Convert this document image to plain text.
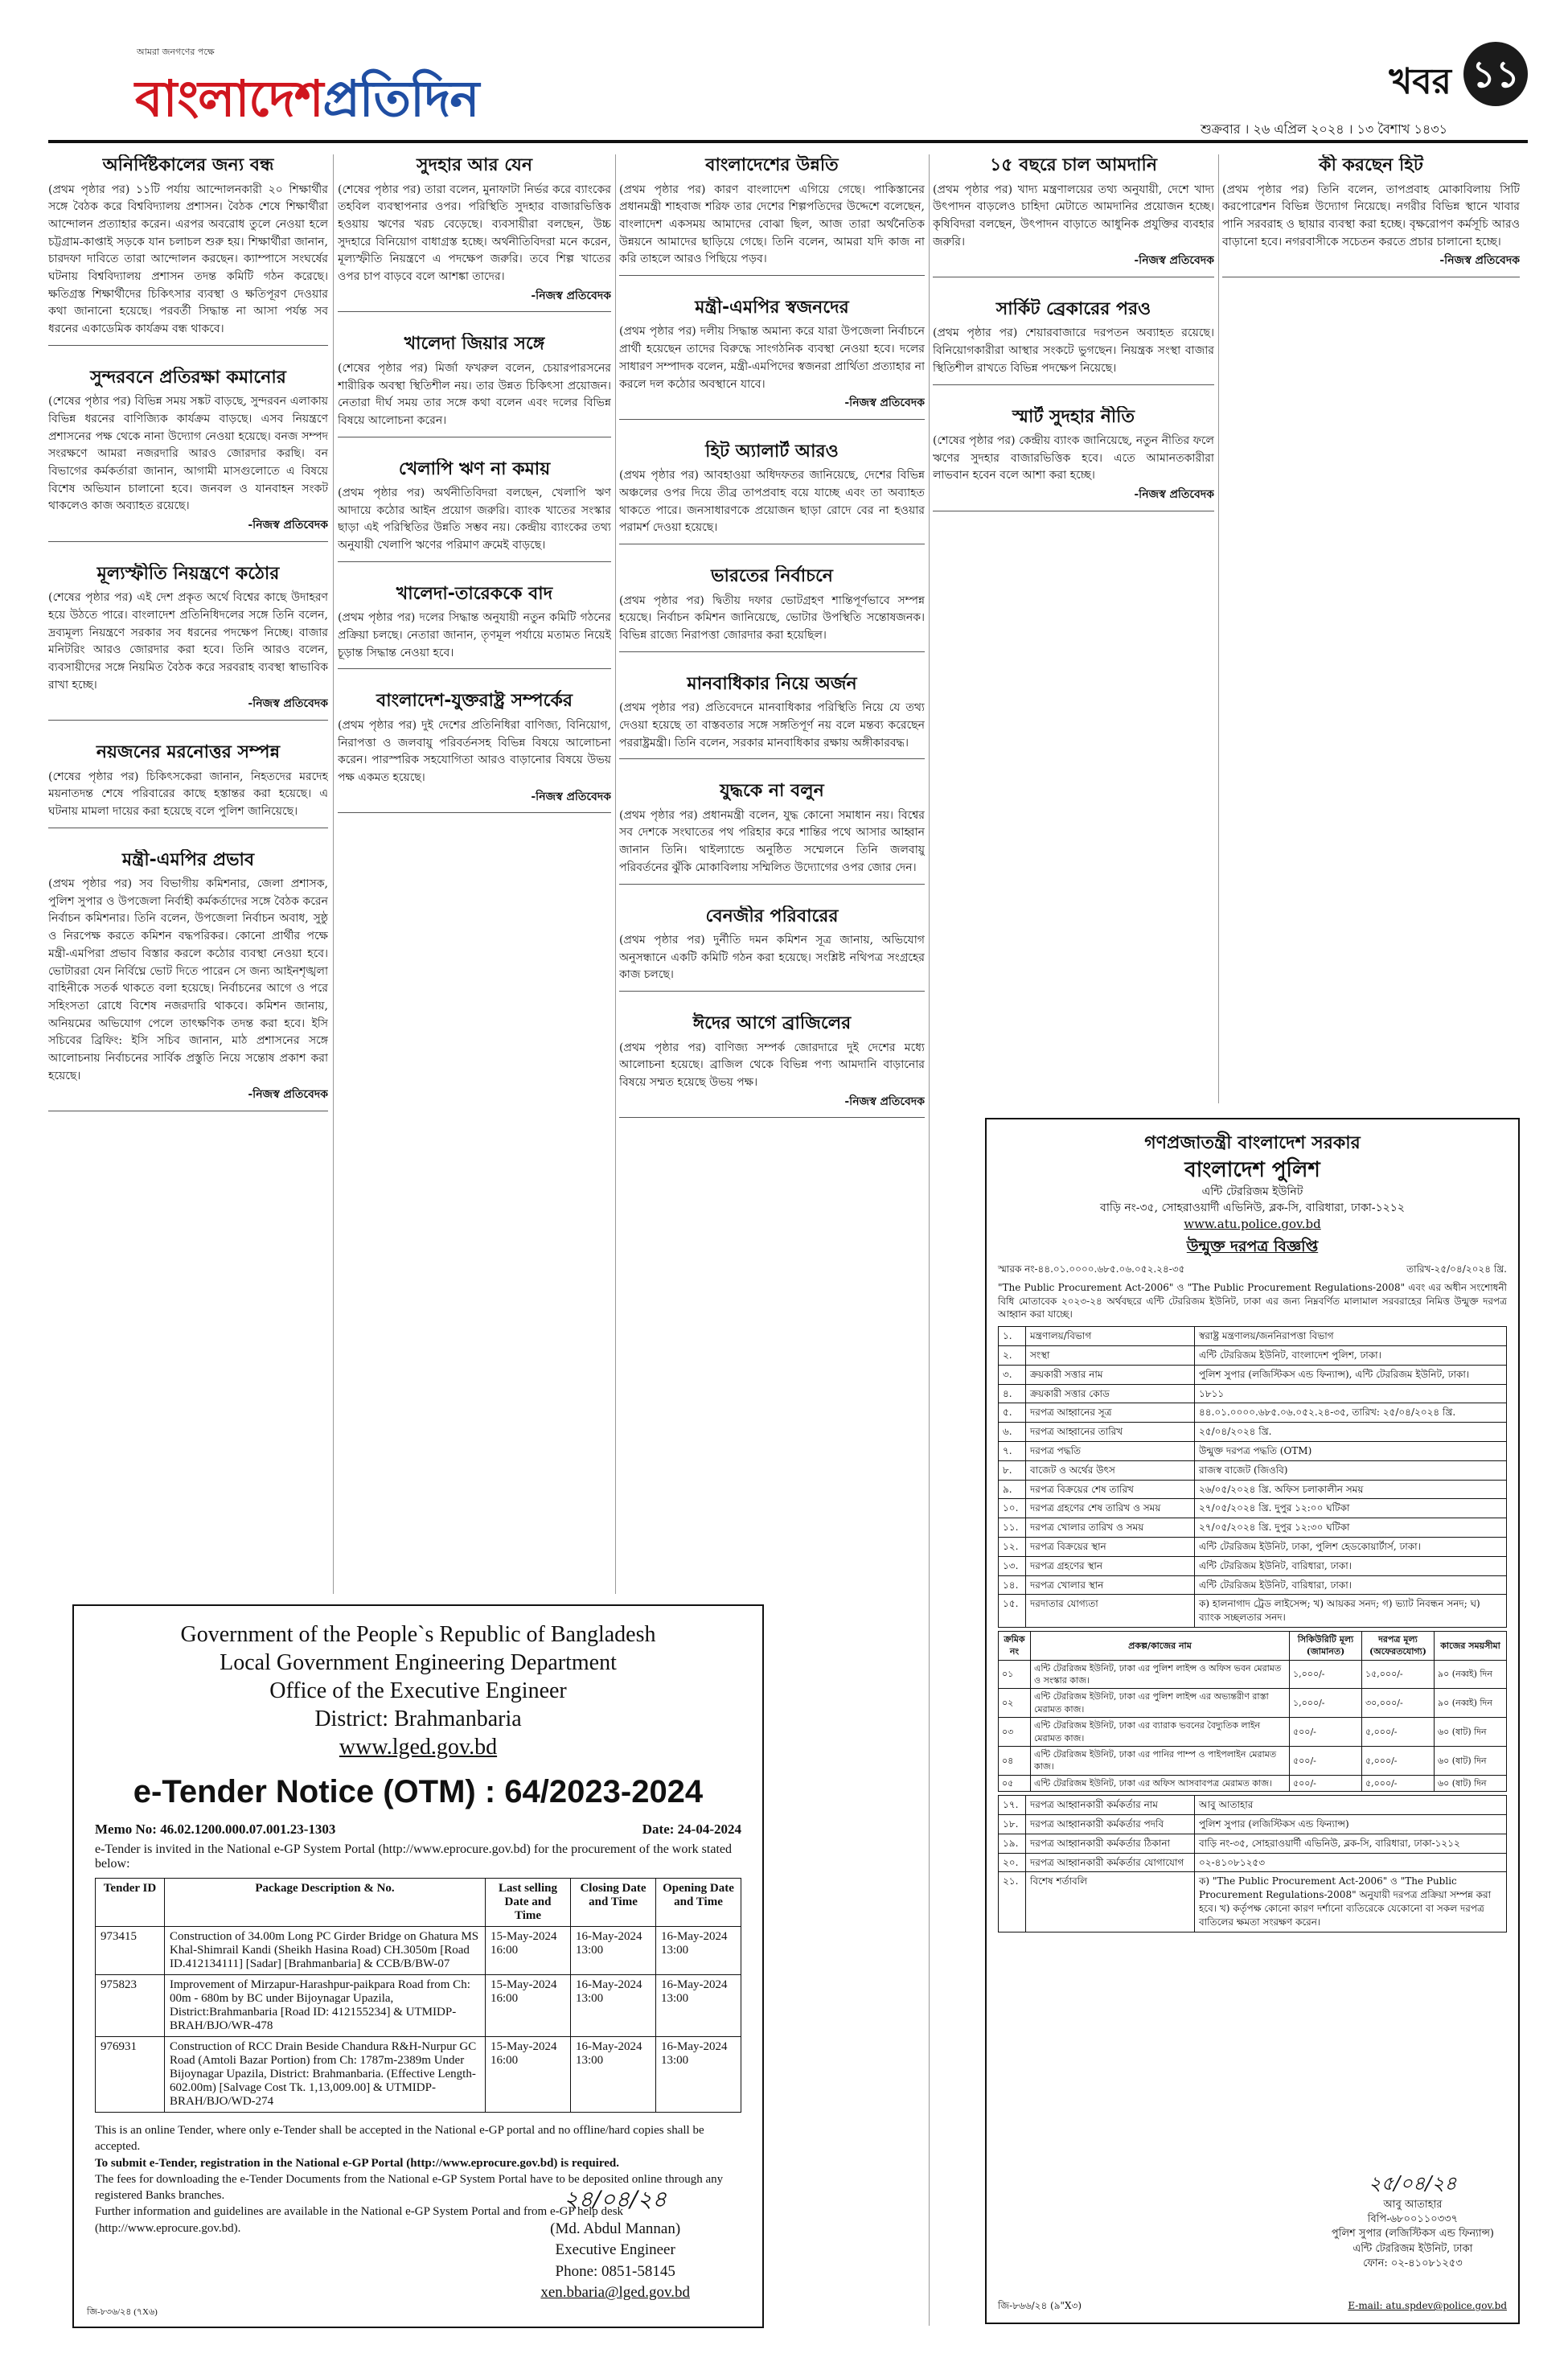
আমরা জনগণের পক্ষে
বাংলাদেশপ্রতিদিন	খবর ১১
শুক্রবার । ২৬ এপ্রিল ২০২৪ । ১৩ বৈশাখ ১৪৩১
অনির্দিষ্টকালের জন্য বন্ধ
(প্রথম পৃষ্ঠার পর) ১১টি পর্যায় আন্দোলনকারী ২০ শিক্ষার্থীর সঙ্গে বৈঠক করে বিশ্ববিদ্যালয় প্রশাসন। বৈঠক শেষে শিক্ষার্থীরা আন্দোলন প্রত্যাহার করেন। এরপর অবরোধ তুলে নেওয়া হলে চট্টগ্রাম-কাপ্তাই সড়কে যান চলাচল শুরু হয়। শিক্ষার্থীরা জানান, চারদফা দাবিতে তারা আন্দোলন করছেন। ক্যাম্পাসে সংঘর্ষের ঘটনায় বিশ্ববিদ্যালয় প্রশাসন তদন্ত কমিটি গঠন করেছে। ক্ষতিগ্রস্ত শিক্ষার্থীদের চিকিৎসার ব্যবস্থা ও ক্ষতিপূরণ দেওয়ার কথা জানানো হয়েছে। পরবর্তী সিদ্ধান্ত না আসা পর্যন্ত সব ধরনের একাডেমিক কার্যক্রম বন্ধ থাকবে।
সুন্দরবনে প্রতিরক্ষা কমানোর
(শেষের পৃষ্ঠার পর) বিভিন্ন সময় সঙ্কট বাড়ছে, সুন্দরবন এলাকায় বিভিন্ন ধরনের বাণিজ্যিক কার্যক্রম বাড়ছে। এসব নিয়ন্ত্রণে প্রশাসনের পক্ষ থেকে নানা উদ্যোগ নেওয়া হয়েছে। বনজ সম্পদ সংরক্ষণে আমরা নজরদারি আরও জোরদার করছি। বন বিভাগের কর্মকর্তারা জানান, আগামী মাসগুলোতে এ বিষয়ে বিশেষ অভিযান চালানো হবে। জনবল ও যানবাহন সংকট থাকলেও কাজ অব্যাহত রয়েছে।
-নিজস্ব প্রতিবেদক
মূল্যস্ফীতি নিয়ন্ত্রণে কঠোর
(শেষের পৃষ্ঠার পর) এই দেশ প্রকৃত অর্থে বিশ্বের কাছে উদাহরণ হয়ে উঠতে পারে। বাংলাদেশ প্রতিনিধিদলের সঙ্গে তিনি বলেন, দ্রব্যমূল্য নিয়ন্ত্রণে সরকার সব ধরনের পদক্ষেপ নিচ্ছে। বাজার মনিটরিং আরও জোরদার করা হবে। তিনি আরও বলেন, ব্যবসায়ীদের সঙ্গে নিয়মিত বৈঠক করে সরবরাহ ব্যবস্থা স্বাভাবিক রাখা হচ্ছে।
-নিজস্ব প্রতিবেদক
নয়জনের মরনোত্তর সম্পন্ন
(শেষের পৃষ্ঠার পর) চিকিৎসকেরা জানান, নিহতদের মরদেহ ময়নাতদন্ত শেষে পরিবারের কাছে হস্তান্তর করা হয়েছে। এ ঘটনায় মামলা দায়ের করা হয়েছে বলে পুলিশ জানিয়েছে।
মন্ত্রী-এমপির প্রভাব
(প্রথম পৃষ্ঠার পর) সব বিভাগীয় কমিশনার, জেলা প্রশাসক, পুলিশ সুপার ও উপজেলা নির্বাহী কর্মকর্তাদের সঙ্গে বৈঠক করেন নির্বাচন কমিশনার। তিনি বলেন, উপজেলা নির্বাচন অবাধ, সুষ্ঠু ও নিরপেক্ষ করতে কমিশন বদ্ধপরিকর। কোনো প্রার্থীর পক্ষে মন্ত্রী-এমপিরা প্রভাব বিস্তার করলে কঠোর ব্যবস্থা নেওয়া হবে। ভোটাররা যেন নির্বিঘ্নে ভোট দিতে পারেন সে জন্য আইনশৃঙ্খলা বাহিনীকে সতর্ক থাকতে বলা হয়েছে। নির্বাচনের আগে ও পরে সহিংসতা রোধে বিশেষ নজরদারি থাকবে। কমিশন জানায়, অনিয়মের অভিযোগ পেলে তাৎক্ষণিক তদন্ত করা হবে। ইসি সচিবের ব্রিফিং: ইসি সচিব জানান, মাঠ প্রশাসনের সঙ্গে আলোচনায় নির্বাচনের সার্বিক প্রস্তুতি নিয়ে সন্তোষ প্রকাশ করা হয়েছে।
-নিজস্ব প্রতিবেদক
সুদহার আর যেন
(শেষের পৃষ্ঠার পর) তারা বলেন, মুনাফাটা নির্ভর করে ব্যাংকের তহবিল ব্যবস্থাপনার ওপর। পরিস্থিতি সুদহার বাজারভিত্তিক হওয়ায় ঋণের খরচ বেড়েছে। ব্যবসায়ীরা বলছেন, উচ্চ সুদহারে বিনিয়োগ বাধাগ্রস্ত হচ্ছে। অর্থনীতিবিদরা মনে করেন, মূল্যস্ফীতি নিয়ন্ত্রণে এ পদক্ষেপ জরুরি। তবে শিল্প খাতের ওপর চাপ বাড়বে বলে আশঙ্কা তাদের।
-নিজস্ব প্রতিবেদক
খালেদা জিয়ার সঙ্গে
(শেষের পৃষ্ঠার পর) মির্জা ফখরুল বলেন, চেয়ারপারসনের শারীরিক অবস্থা স্থিতিশীল নয়। তার উন্নত চিকিৎসা প্রয়োজন। নেতারা দীর্ঘ সময় তার সঙ্গে কথা বলেন এবং দলের বিভিন্ন বিষয়ে আলোচনা করেন।
খেলাপি ঋণ না কমায়
(প্রথম পৃষ্ঠার পর) অর্থনীতিবিদরা বলছেন, খেলাপি ঋণ আদায়ে কঠোর আইন প্রয়োগ জরুরি। ব্যাংক খাতের সংস্কার ছাড়া এই পরিস্থিতির উন্নতি সম্ভব নয়। কেন্দ্রীয় ব্যাংকের তথ্য অনুযায়ী খেলাপি ঋণের পরিমাণ ক্রমেই বাড়ছে।
খালেদা-তারেককে বাদ
(প্রথম পৃষ্ঠার পর) দলের সিদ্ধান্ত অনুযায়ী নতুন কমিটি গঠনের প্রক্রিয়া চলছে। নেতারা জানান, তৃণমূল পর্যায়ে মতামত নিয়েই চূড়ান্ত সিদ্ধান্ত নেওয়া হবে।
বাংলাদেশ-যুক্তরাষ্ট্র সম্পর্কের
(প্রথম পৃষ্ঠার পর) দুই দেশের প্রতিনিধিরা বাণিজ্য, বিনিয়োগ, নিরাপত্তা ও জলবায়ু পরিবর্তনসহ বিভিন্ন বিষয়ে আলোচনা করেন। পারস্পরিক সহযোগিতা আরও বাড়ানোর বিষয়ে উভয় পক্ষ একমত হয়েছে।
-নিজস্ব প্রতিবেদক
বাংলাদেশের উন্নতি
(প্রথম পৃষ্ঠার পর) কারণ বাংলাদেশ এগিয়ে গেছে। পাকিস্তানের প্রধানমন্ত্রী শাহবাজ শরিফ তার দেশের শিল্পপতিদের উদ্দেশে বলেছেন, বাংলাদেশ একসময় আমাদের বোঝা ছিল, আজ তারা অর্থনৈতিক উন্নয়নে আমাদের ছাড়িয়ে গেছে। তিনি বলেন, আমরা যদি কাজ না করি তাহলে আরও পিছিয়ে পড়ব।
মন্ত্রী-এমপির স্বজনদের
(প্রথম পৃষ্ঠার পর) দলীয় সিদ্ধান্ত অমান্য করে যারা উপজেলা নির্বাচনে প্রার্থী হয়েছেন তাদের বিরুদ্ধে সাংগঠনিক ব্যবস্থা নেওয়া হবে। দলের সাধারণ সম্পাদক বলেন, মন্ত্রী-এমপিদের স্বজনরা প্রার্থিতা প্রত্যাহার না করলে দল কঠোর অবস্থানে যাবে।
-নিজস্ব প্রতিবেদক
হিট অ্যালার্ট আরও
(প্রথম পৃষ্ঠার পর) আবহাওয়া অধিদফতর জানিয়েছে, দেশের বিভিন্ন অঞ্চলের ওপর দিয়ে তীব্র তাপপ্রবাহ বয়ে যাচ্ছে এবং তা অব্যাহত থাকতে পারে। জনসাধারণকে প্রয়োজন ছাড়া রোদে বের না হওয়ার পরামর্শ দেওয়া হয়েছে।
ভারতের নির্বাচনে
(প্রথম পৃষ্ঠার পর) দ্বিতীয় দফার ভোটগ্রহণ শান্তিপূর্ণভাবে সম্পন্ন হয়েছে। নির্বাচন কমিশন জানিয়েছে, ভোটার উপস্থিতি সন্তোষজনক। বিভিন্ন রাজ্যে নিরাপত্তা জোরদার করা হয়েছিল।
মানবাধিকার নিয়ে অর্জন
(প্রথম পৃষ্ঠার পর) প্রতিবেদনে মানবাধিকার পরিস্থিতি নিয়ে যে তথ্য দেওয়া হয়েছে তা বাস্তবতার সঙ্গে সঙ্গতিপূর্ণ নয় বলে মন্তব্য করেছেন পররাষ্ট্রমন্ত্রী। তিনি বলেন, সরকার মানবাধিকার রক্ষায় অঙ্গীকারবদ্ধ।
যুদ্ধকে না বলুন
(প্রথম পৃষ্ঠার পর) প্রধানমন্ত্রী বলেন, যুদ্ধ কোনো সমাধান নয়। বিশ্বের সব দেশকে সংঘাতের পথ পরিহার করে শান্তির পথে আসার আহ্বান জানান তিনি। থাইল্যান্ডে অনুষ্ঠিত সম্মেলনে তিনি জলবায়ু পরিবর্তনের ঝুঁকি মোকাবিলায় সম্মিলিত উদ্যোগের ওপর জোর দেন।
বেনজীর পরিবারের
(প্রথম পৃষ্ঠার পর) দুর্নীতি দমন কমিশন সূত্র জানায়, অভিযোগ অনুসন্ধানে একটি কমিটি গঠন করা হয়েছে। সংশ্লিষ্ট নথিপত্র সংগ্রহের কাজ চলছে।
ঈদের আগে ব্রাজিলের
(প্রথম পৃষ্ঠার পর) বাণিজ্য সম্পর্ক জোরদারে দুই দেশের মধ্যে আলোচনা হয়েছে। ব্রাজিল থেকে বিভিন্ন পণ্য আমদানি বাড়ানোর বিষয়ে সম্মত হয়েছে উভয় পক্ষ।
-নিজস্ব প্রতিবেদক
১৫ বছরে চাল আমদানি
(প্রথম পৃষ্ঠার পর) খাদ্য মন্ত্রণালয়ের তথ্য অনুযায়ী, দেশে খাদ্য উৎপাদন বাড়লেও চাহিদা মেটাতে আমদানির প্রয়োজন হচ্ছে। কৃষিবিদরা বলছেন, উৎপাদন বাড়াতে আধুনিক প্রযুক্তির ব্যবহার জরুরি।
-নিজস্ব প্রতিবেদক
সার্কিট ব্রেকারের পরও
(প্রথম পৃষ্ঠার পর) শেয়ারবাজারে দরপতন অব্যাহত রয়েছে। বিনিয়োগকারীরা আস্থার সংকটে ভুগছেন। নিয়ন্ত্রক সংস্থা বাজার স্থিতিশীল রাখতে বিভিন্ন পদক্ষেপ নিয়েছে।
স্মার্ট সুদহার নীতি
(শেষের পৃষ্ঠার পর) কেন্দ্রীয় ব্যাংক জানিয়েছে, নতুন নীতির ফলে ঋণের সুদহার বাজারভিত্তিক হবে। এতে আমানতকারীরা লাভবান হবেন বলে আশা করা হচ্ছে।
-নিজস্ব প্রতিবেদক
কী করছেন হিট
(প্রথম পৃষ্ঠার পর) তিনি বলেন, তাপপ্রবাহ মোকাবিলায় সিটি করপোরেশন বিভিন্ন উদ্যোগ নিয়েছে। নগরীর বিভিন্ন স্থানে খাবার পানি সরবরাহ ও ছায়ার ব্যবস্থা করা হচ্ছে। বৃক্ষরোপণ কর্মসূচি আরও বাড়ানো হবে। নগরবাসীকে সচেতন করতে প্রচার চালানো হচ্ছে।
-নিজস্ব প্রতিবেদক
Government of the People`s Republic of Bangladesh
Local Government Engineering Department
Office of the Executive Engineer
District: Brahmanbaria
www.lged.gov.bd
e-Tender Notice (OTM) : 64/2023-2024
Memo No: 46.02.1200.000.07.001.23-1303	Date: 24-04-2024
e-Tender is invited in the National e-GP System Portal (http://www.eprocure.gov.bd) for the procurement of the work stated below:
Tender ID	Package Description & No.	Last selling Date and Time	Closing Date and Time	Opening Date and Time
973415	Construction of 34.00m Long PC Girder Bridge on Ghatura MS Khal-Shimrail Kandi (Sheikh Hasina Road) CH.3050m [Road ID.412134111] [Sadar] [Brahmanbaria] & CCB/B/BW-07	15-May-2024 16:00	16-May-2024 13:00	16-May-2024 13:00
975823	Improvement of Mirzapur-Harashpur-paikpara Road from Ch: 00m - 680m by BC under Bijoynagar Upazila, District:Brahmanbaria [Road ID: 412155234] & UTMIDP-BRAH/BJO/WR-478	15-May-2024 16:00	16-May-2024 13:00	16-May-2024 13:00
976931	Construction of RCC Drain Beside Chandura R&H-Nurpur GC Road (Amtoli Bazar Portion) from Ch: 1787m-2389m Under Bijoynagar Upazila, District: Brahmanbaria. (Effective Length-602.00m) [Salvage Cost Tk. 1,13,009.00] & UTMIDP-BRAH/BJO/WD-274	15-May-2024 16:00	16-May-2024 13:00	16-May-2024 13:00
This is an online Tender, where only e-Tender shall be accepted in the National e-GP portal and no offline/hard copies shall be accepted.
To submit e-Tender, registration in the National e-GP Portal (http://www.eprocure.gov.bd) is required.
The fees for downloading the e-Tender Documents from the National e-GP System Portal have to be deposited online through any registered Banks branches.
Further information and guidelines are available in the National e-GP System Portal and from e-GP help desk (http://www.eprocure.gov.bd).
২৪/০৪/২৪
(Md. Abdul Mannan)
Executive Engineer
Phone: 0851-58145
xen.bbaria@lged.gov.bd
জি-৮৩৬/২৪ (৭X৬)
গণপ্রজাতন্ত্রী বাংলাদেশ সরকার
বাংলাদেশ পুলিশ
এন্টি টেররিজম ইউনিট
বাড়ি নং-৩৫, সোহরাওয়ার্দী এভিনিউ, ব্লক-সি, বারিধারা, ঢাকা-১২১২
www.atu.police.gov.bd
উন্মুক্ত দরপত্র বিজ্ঞপ্তি
স্মারক নং-৪৪.০১.০০০০.৬৮৫.০৬.০৫২.২৪-৩৫	তারিখ-২৫/০৪/২০২৪ খ্রি.
"The Public Procurement Act-2006" ও "The Public Procurement Regulations-2008" এবং এর অধীন সংশোধনী বিধি মোতাবেক ২০২৩-২৪ অর্থবছরে এন্টি টেররিজম ইউনিট, ঢাকা এর জন্য নিম্নবর্ণিত মালামাল সরবরাহের নিমিত্ত উন্মুক্ত দরপত্র আহ্বান করা যাচ্ছে।
১.	মন্ত্রণালয়/বিভাগ	স্বরাষ্ট্র মন্ত্রণালয়/জননিরাপত্তা বিভাগ
২.	সংস্থা	এন্টি টেররিজম ইউনিট, বাংলাদেশ পুলিশ, ঢাকা।
৩.	ক্রয়কারী সত্তার নাম	পুলিশ সুপার (লজিস্টিকস এন্ড ফিন্যান্স), এন্টি টেররিজম ইউনিট, ঢাকা।
৪.	ক্রয়কারী সত্তার কোড	১৮১১
৫.	দরপত্র আহ্বানের সূত্র	৪৪.০১.০০০০.৬৮৫.০৬.০৫২.২৪-৩৫, তারিখ: ২৫/০৪/২০২৪ খ্রি.
৬.	দরপত্র আহ্বানের তারিখ	২৫/০৪/২০২৪ খ্রি.
৭.	দরপত্র পদ্ধতি	উন্মুক্ত দরপত্র পদ্ধতি (OTM)
৮.	বাজেট ও অর্থের উৎস	রাজস্ব বাজেট (জিওবি)
৯.	দরপত্র বিক্রয়ের শেষ তারিখ	২৬/০৫/২০২৪ খ্রি. অফিস চলাকালীন সময়
১০.	দরপত্র গ্রহণের শেষ তারিখ ও সময়	২৭/০৫/২০২৪ খ্রি. দুপুর ১২:০০ ঘটিকা
১১.	দরপত্র খোলার তারিখ ও সময়	২৭/০৫/২০২৪ খ্রি. দুপুর ১২:৩০ ঘটিকা
১২.	দরপত্র বিক্রয়ের স্থান	এন্টি টেররিজম ইউনিট, ঢাকা, পুলিশ হেডকোয়ার্টার্স, ঢাকা।
১৩.	দরপত্র গ্রহণের স্থান	এন্টি টেররিজম ইউনিট, বারিধারা, ঢাকা।
১৪.	দরপত্র খোলার স্থান	এন্টি টেররিজম ইউনিট, বারিধারা, ঢাকা।
১৫.	দরদাতার যোগ্যতা	ক) হালনাগাদ ট্রেড লাইসেন্স; খ) আয়কর সনদ; গ) ভ্যাট নিবন্ধন সনদ; ঘ) ব্যাংক সচ্ছলতার সনদ।
ক্রমিক নং	প্রকল্প/কাজের নাম	সিকিউরিটি মূল্য (জামানত)	দরপত্র মূল্য (অফেরতযোগ্য)	কাজের সময়সীমা
০১	এন্টি টেররিজম ইউনিট, ঢাকা এর পুলিশ লাইন্স ও অফিস ভবন মেরামত ও সংস্কার কাজ।	১,০০০/-	১৫,০০০/-	৯০ (নব্বই) দিন
০২	এন্টি টেররিজম ইউনিট, ঢাকা এর পুলিশ লাইন্স এর অভ্যন্তরীণ রাস্তা মেরামত কাজ।	১,০০০/-	৩০,০০০/-	৯০ (নব্বই) দিন
০৩	এন্টি টেররিজম ইউনিট, ঢাকা এর ব্যারাক ভবনের বৈদ্যুতিক লাইন মেরামত কাজ।	৫০০/-	৫,০০০/-	৬০ (ষাট) দিন
০৪	এন্টি টেররিজম ইউনিট, ঢাকা এর পানির পাম্প ও পাইপলাইন মেরামত কাজ।	৫০০/-	৫,০০০/-	৬০ (ষাট) দিন
০৫	এন্টি টেররিজম ইউনিট, ঢাকা এর অফিস আসবাবপত্র মেরামত কাজ।	৫০০/-	৫,০০০/-	৬০ (ষাট) দিন
১৭.	দরপত্র আহ্বানকারী কর্মকর্তার নাম	আবু আতাহার
১৮.	দরপত্র আহ্বানকারী কর্মকর্তার পদবি	পুলিশ সুপার (লজিস্টিকস এন্ড ফিন্যান্স)
১৯.	দরপত্র আহ্বানকারী কর্মকর্তার ঠিকানা	বাড়ি নং-৩৫, সোহরাওয়ার্দী এভিনিউ, ব্লক-সি, বারিধারা, ঢাকা-১২১২
২০.	দরপত্র আহ্বানকারী কর্মকর্তার যোগাযোগ	০২-৪১০৮১২৫৩
২১.	বিশেষ শর্তাবলি	ক) "The Public Procurement Act-2006" ও "The Public Procurement Regulations-2008" অনুযায়ী দরপত্র প্রক্রিয়া সম্পন্ন করা হবে। খ) কর্তৃপক্ষ কোনো কারণ দর্শানো ব্যতিরেকে যেকোনো বা সকল দরপত্র বাতিলের ক্ষমতা সংরক্ষণ করেন।
২৫/০৪/২৪
আবু আতাহার
বিপি-৬৮০০১১০৩৩৭
পুলিশ সুপার (লজিস্টিকস এন্ড ফিন্যান্স)
এন্টি টেররিজম ইউনিট, ঢাকা
ফোন: ০২-৪১০৮১২৫৩
জি-৮৬৬/২৪ (৯"X৩)	E-mail: atu.spdev@police.gov.bd
